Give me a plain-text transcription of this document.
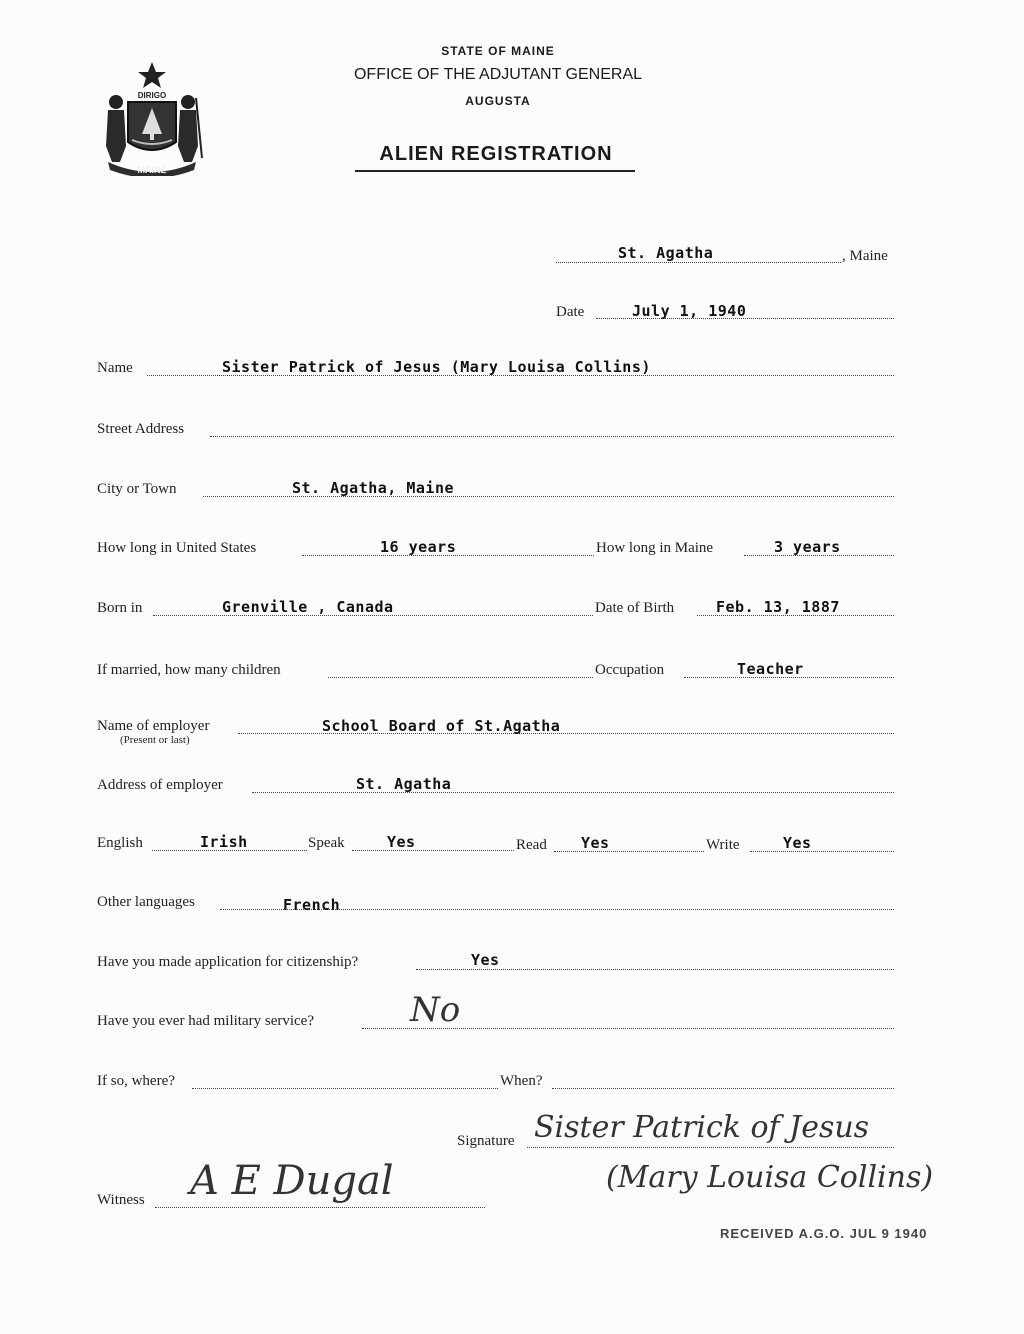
DIRIGO
MAINE
STATE OF MAINE
OFFICE OF THE ADJUTANT GENERAL
AUGUSTA
ALIEN REGISTRATION
St. Agatha	, Maine
Date	July 1, 1940
Name	Sister Patrick of Jesus (Mary Louisa Collins)
Street Address
City or Town	St. Agatha, Maine
How long in United States	16 years	How long in Maine	3 years
Born in	Grenville , Canada	Date of Birth	Feb. 13, 1887
If married, how many children	Occupation	Teacher
Name of employer
(Present or last)
School Board of St.Agatha
Address of employer	St. Agatha
English	Irish	Speak	Yes	Read Yes	Write	Yes
Other languages	French
Have you made application for citizenship?	Yes
Have you ever had military service?	No
If so, where?	When?
Signature Sister Patrick of Jesus
(Mary Louisa Collins)
Witness A E Dugal
RECEIVED A.G.O. JUL 9 1940
